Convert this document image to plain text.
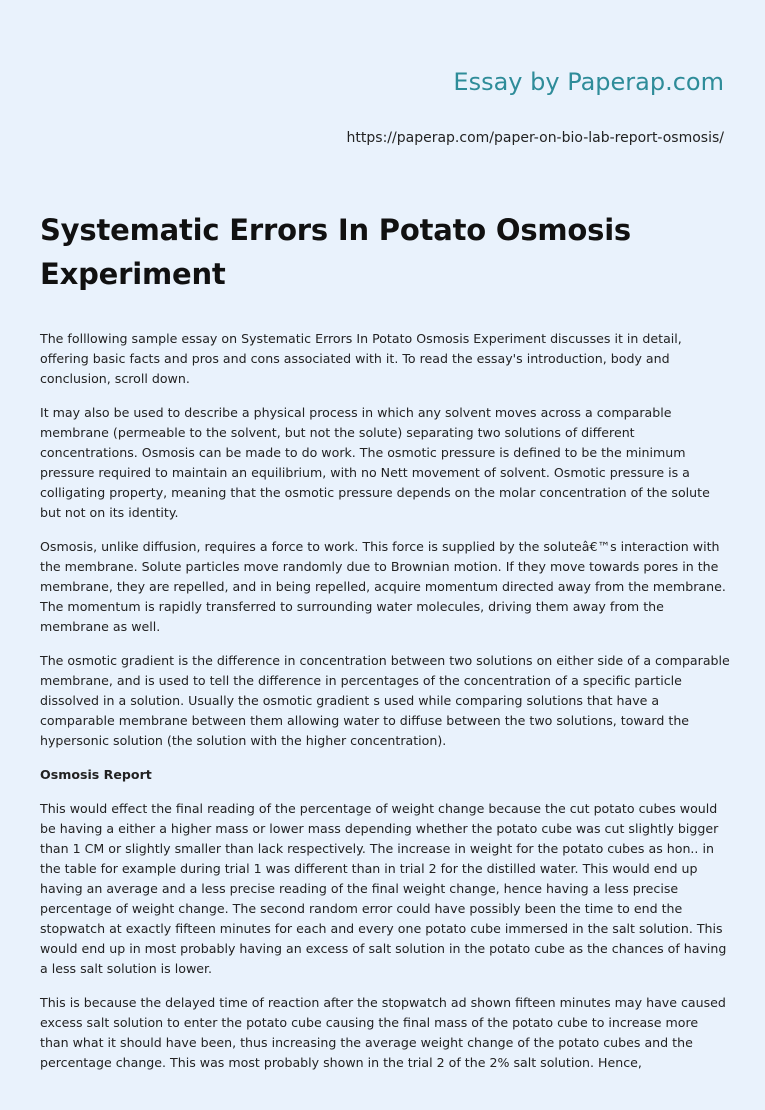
Essay by Paperap.com
https://paperap.com/paper-on-bio-lab-report-osmosis/
Systematic Errors In Potato Osmosis Experiment

The folllowing sample essay on Systematic Errors In Potato Osmosis Experiment discusses it in detail, offering basic facts and pros and cons associated with it. To read the essay's introduction, body and conclusion, scroll down.

It may also be used to describe a physical process in which any solvent moves across a comparable membrane (permeable to the solvent, but not the solute) separating two solutions of different concentrations. Osmosis can be made to do work. The osmotic pressure is defined to be the minimum pressure required to maintain an equilibrium, with no Nett movement of solvent. Osmotic pressure is a colligating property, meaning that the osmotic pressure depends on the molar concentration of the solute but not on its identity.

Osmosis, unlike diffusion, requires a force to work. This force is supplied by the soluteâ€™s interaction with the membrane. Solute particles move randomly due to Brownian motion. If they move towards pores in the membrane, they are repelled, and in being repelled, acquire momentum directed away from the membrane. The momentum is rapidly transferred to surrounding water molecules, driving them away from the membrane as well.

The osmotic gradient is the difference in concentration between two solutions on either side of a comparable membrane, and is used to tell the difference in percentages of the concentration of a specific particle dissolved in a solution. Usually the osmotic gradient s used while comparing solutions that have a comparable membrane between them allowing water to diffuse between the two solutions, toward the hypersonic solution (the solution with the higher concentration).

Osmosis Report

This would effect the final reading of the percentage of weight change because the cut potato cubes would be having a either a higher mass or lower mass depending whether the potato cube was cut slightly bigger than 1 CM or slightly smaller than lack respectively. The increase in weight for the potato cubes as hon.. in the table for example during trial 1 was different than in trial 2 for the distilled water. This would end up having an average and a less precise reading of the final weight change, hence having a less precise percentage of weight change. The second random error could have possibly been the time to end the stopwatch at exactly fifteen minutes for each and every one potato cube immersed in the salt solution. This would end up in most probably having an excess of salt solution in the potato cube as the chances of having a less salt solution is lower.

This is because the delayed time of reaction after the stopwatch ad shown fifteen minutes may have caused excess salt solution to enter the potato cube causing the final mass of the potato cube to increase more than what it should have been, thus increasing the average weight change of the potato cubes and the percentage change. This was most probably shown in the trial 2 of the 2% salt solution. Hence,
